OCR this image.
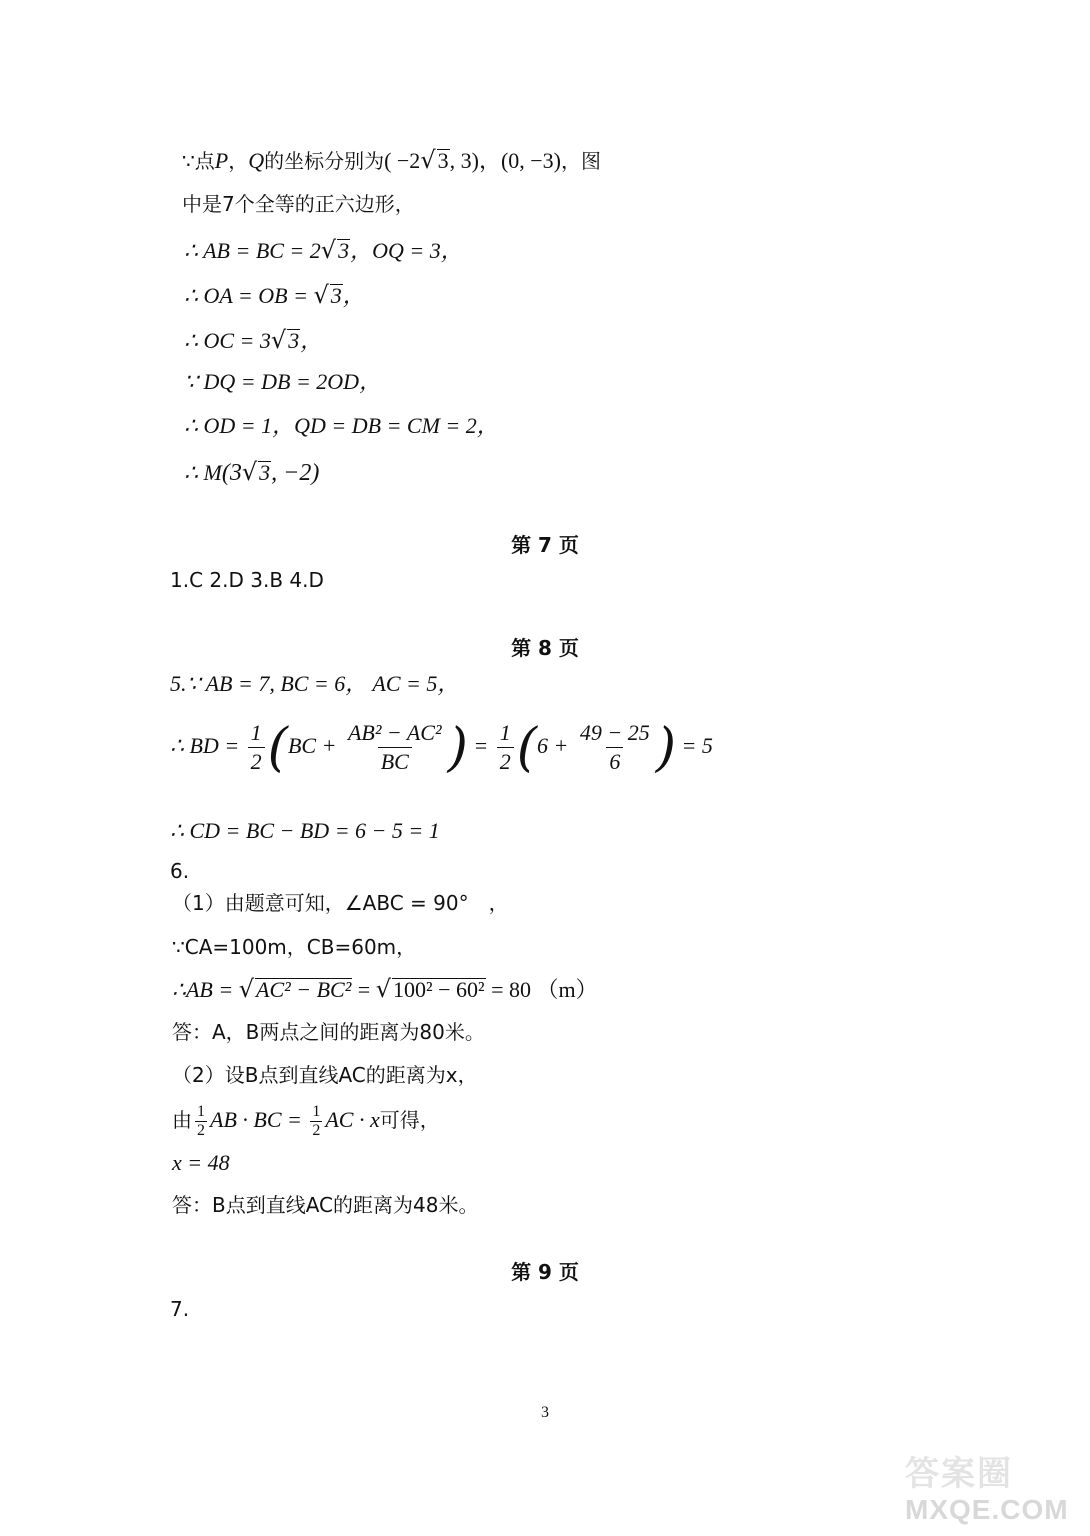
∵点P，Q的坐标分别为( −2√3, 3)，(0, −3)，图
中是7个全等的正六边形，
∴ AB = BC = 2√3，OQ = 3，
∴ OA = OB = √3，
∴ OC = 3√3，
∵ DQ = DB = 2OD，
∴ OD = 1，QD = DB = CM = 2，
∴ M(3√3, −2)
第 7 页
1.C 2.D 3.B 4.D
第 8 页
5.∵ AB = 7, BC = 6， AC = 5，
∴ BD = $\frac{1}{2} (BC + \frac{\text{AB² − AC²}}{BC}$ ) = $\frac{1}{2} (6 + \frac{49 - 25}{6}$ ) = 5
∴ CD = BC − BD = 6 − 5 = 1
6.
（1）由题意可知，∠ABC = 90°　，
∵CA=100m，CB=60m，
∴AB = √AC² − BC² = √100² − 60² = 80 （m）
答：A，B两点之间的距离为80米。
（2）设B点到直线AC的距离为x，
由 $\frac{1}{2}$ AB · BC = $\frac{1}{2}$ AC · x可得，
x = 48
答：B点到直线AC的距离为48米。
第 9 页
7.
3
答案圈
MXQE.COM
